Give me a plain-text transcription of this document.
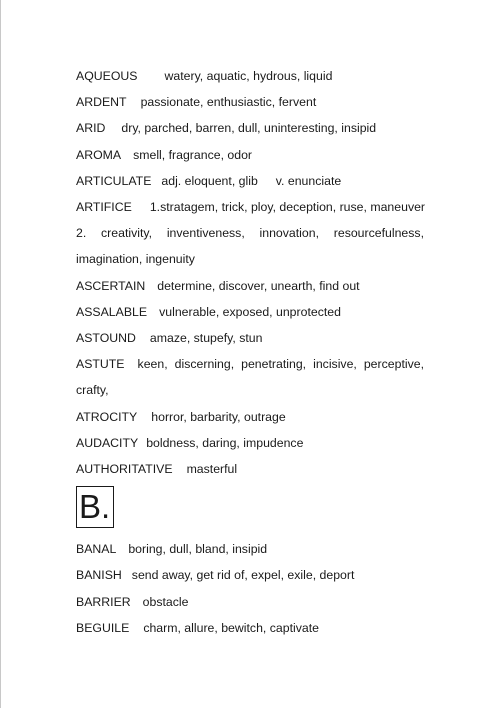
AQUEOUS watery, aquatic, hydrous, liquid
ARDENT passionate, enthusiastic, fervent
ARID dry, parched, barren, dull, uninteresting, insipid
AROMA smell, fragrance, odor
ARTICULATE adj. eloquent, glib v. enunciate
ARTIFICE 1.stratagem, trick, ploy, deception, ruse, maneuver
2. creativity, inventiveness, innovation, resourcefulness,
imagination, ingenuity
ASCERTAIN determine, discover, unearth, find out
ASSALABLE vulnerable, exposed, unprotected
ASTOUND amaze, stupefy, stun
ASTUTE keen, discerning, penetrating, incisive, perceptive,
crafty,
ATROCITY horror, barbarity, outrage
AUDACITY boldness, daring, impudence
AUTHORITATIVE masterful
B.
BANAL boring, dull, bland, insipid
BANISH send away, get rid of, expel, exile, deport
BARRIER obstacle
BEGUILE charm, allure, bewitch, captivate
